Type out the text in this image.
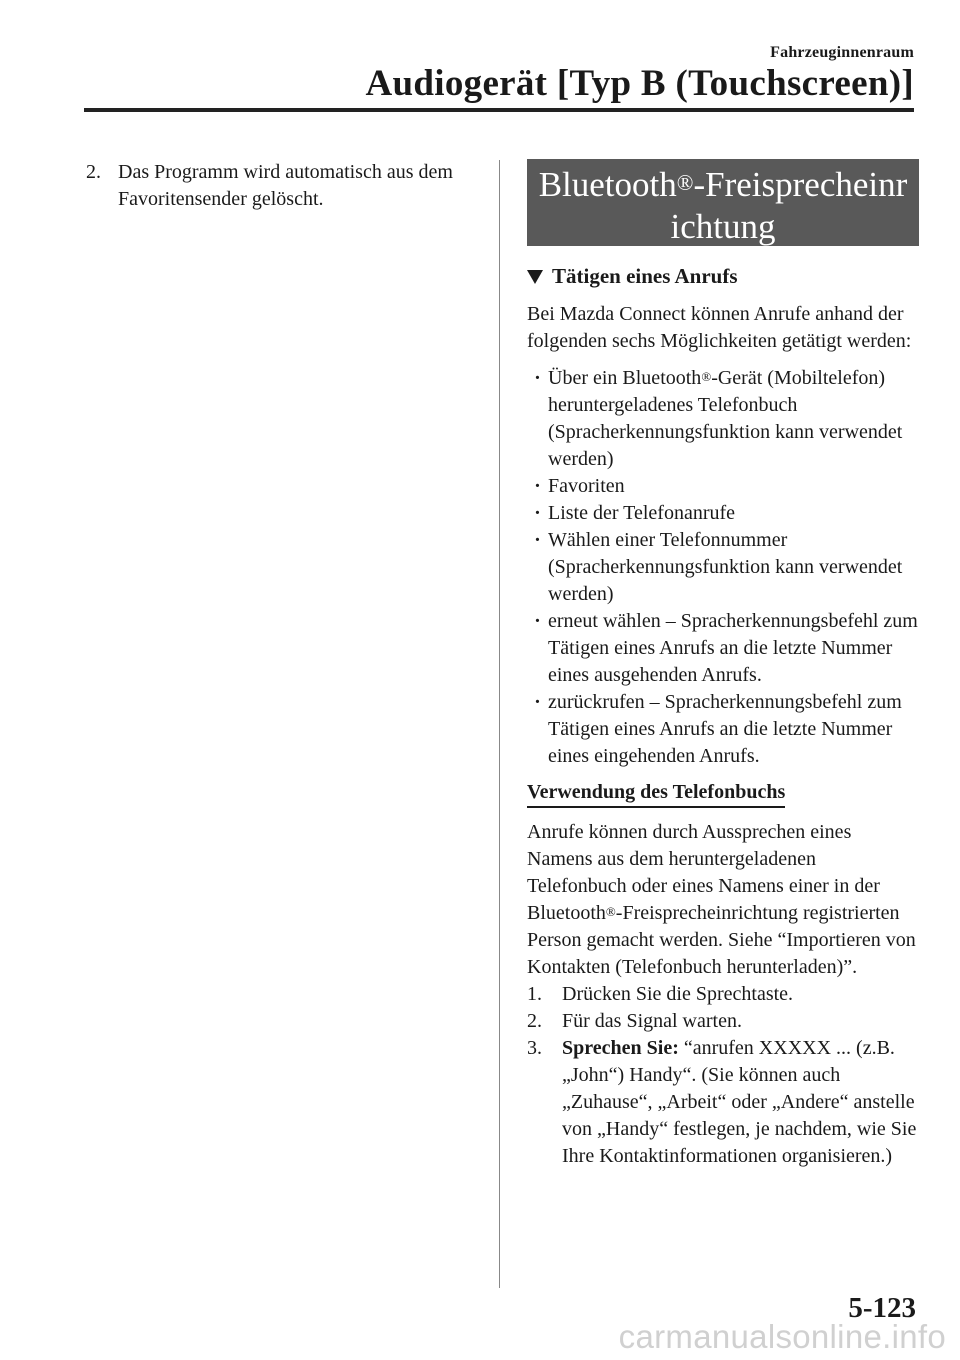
Fahrzeuginnenraum
Audiogerät [Typ B (Touchscreen)]
2. Das Programm wird automatisch aus dem Favoritensender gelöscht.	Bluetooth®-Freisprecheinr
ichtung
Tätigen eines Anrufs
Bei Mazda Connect können Anrufe anhand der folgenden sechs Möglichkeiten getätigt werden:
· Über ein Bluetooth®-Gerät (Mobiltelefon) heruntergeladenes Telefonbuch (Spracherkennungsfunktion kann verwendet werden)
· Favoriten
· Liste der Telefonanrufe
· Wählen einer Telefonnummer (Spracherkennungsfunktion kann verwendet werden)
· erneut wählen – Spracherkennungsbefehl zum Tätigen eines Anrufs an die letzte Nummer eines ausgehenden Anrufs.
· zurückrufen – Spracherkennungsbefehl zum Tätigen eines Anrufs an die letzte Nummer eines eingehenden Anrufs.
Verwendung des Telefonbuchs
Anrufe können durch Aussprechen eines Namens aus dem heruntergeladenen Telefonbuch oder eines Namens einer in der Bluetooth®-Freisprecheinrichtung registrierten Person gemacht werden. Siehe “Importieren von Kontakten (Telefonbuch herunterladen)”.
1.	Drücken Sie die Sprechtaste.
2.	Für das Signal warten.
3.	Sprechen Sie: “anrufen XXXXX ... (z.B. „John“) Handy“. (Sie können auch „Zuhause“, „Arbeit“ oder „Andere“ anstelle von „Handy“ festlegen, je nachdem, wie Sie Ihre Kontaktinformationen organisieren.)
5-123
carmanualsonline.info
